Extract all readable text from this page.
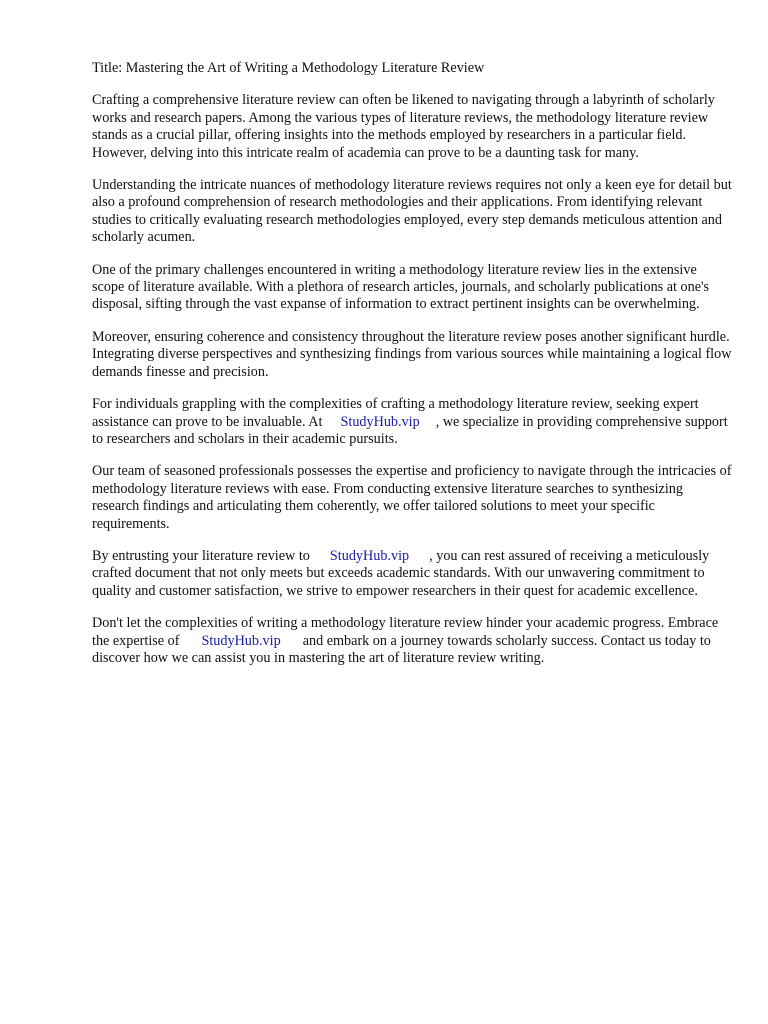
Title: Mastering the Art of Writing a Methodology Literature Review

Crafting a comprehensive literature review can often be likened to navigating through a labyrinth of scholarly works and research papers. Among the various types of literature reviews, the methodology literature review stands as a crucial pillar, offering insights into the methods employed by researchers in a particular field. However, delving into this intricate realm of academia can prove to be a daunting task for many.

Understanding the intricate nuances of methodology literature reviews requires not only a keen eye for detail but also a profound comprehension of research methodologies and their applications. From identifying relevant studies to critically evaluating research methodologies employed, every step demands meticulous attention and scholarly acumen.

One of the primary challenges encountered in writing a methodology literature review lies in the extensive scope of literature available. With a plethora of research articles, journals, and scholarly publications at one's disposal, sifting through the vast expanse of information to extract pertinent insights can be overwhelming.

Moreover, ensuring coherence and consistency throughout the literature review poses another significant hurdle. Integrating diverse perspectives and synthesizing findings from various sources while maintaining a logical flow demands finesse and precision.

For individuals grappling with the complexities of crafting a methodology literature review, seeking expert assistance can prove to be invaluable. At StudyHub.vip , we specialize in providing comprehensive support to researchers and scholars in their academic pursuits.

Our team of seasoned professionals possesses the expertise and proficiency to navigate through the intricacies of methodology literature reviews with ease. From conducting extensive literature searches to synthesizing research findings and articulating them coherently, we offer tailored solutions to meet your specific requirements.

By entrusting your literature review to StudyHub.vip , you can rest assured of receiving a meticulously crafted document that not only meets but exceeds academic standards. With our unwavering commitment to quality and customer satisfaction, we strive to empower researchers in their quest for academic excellence.

Don't let the complexities of writing a methodology literature review hinder your academic progress. Embrace the expertise of StudyHub.vip and embark on a journey towards scholarly success. Contact us today to discover how we can assist you in mastering the art of literature review writing.
